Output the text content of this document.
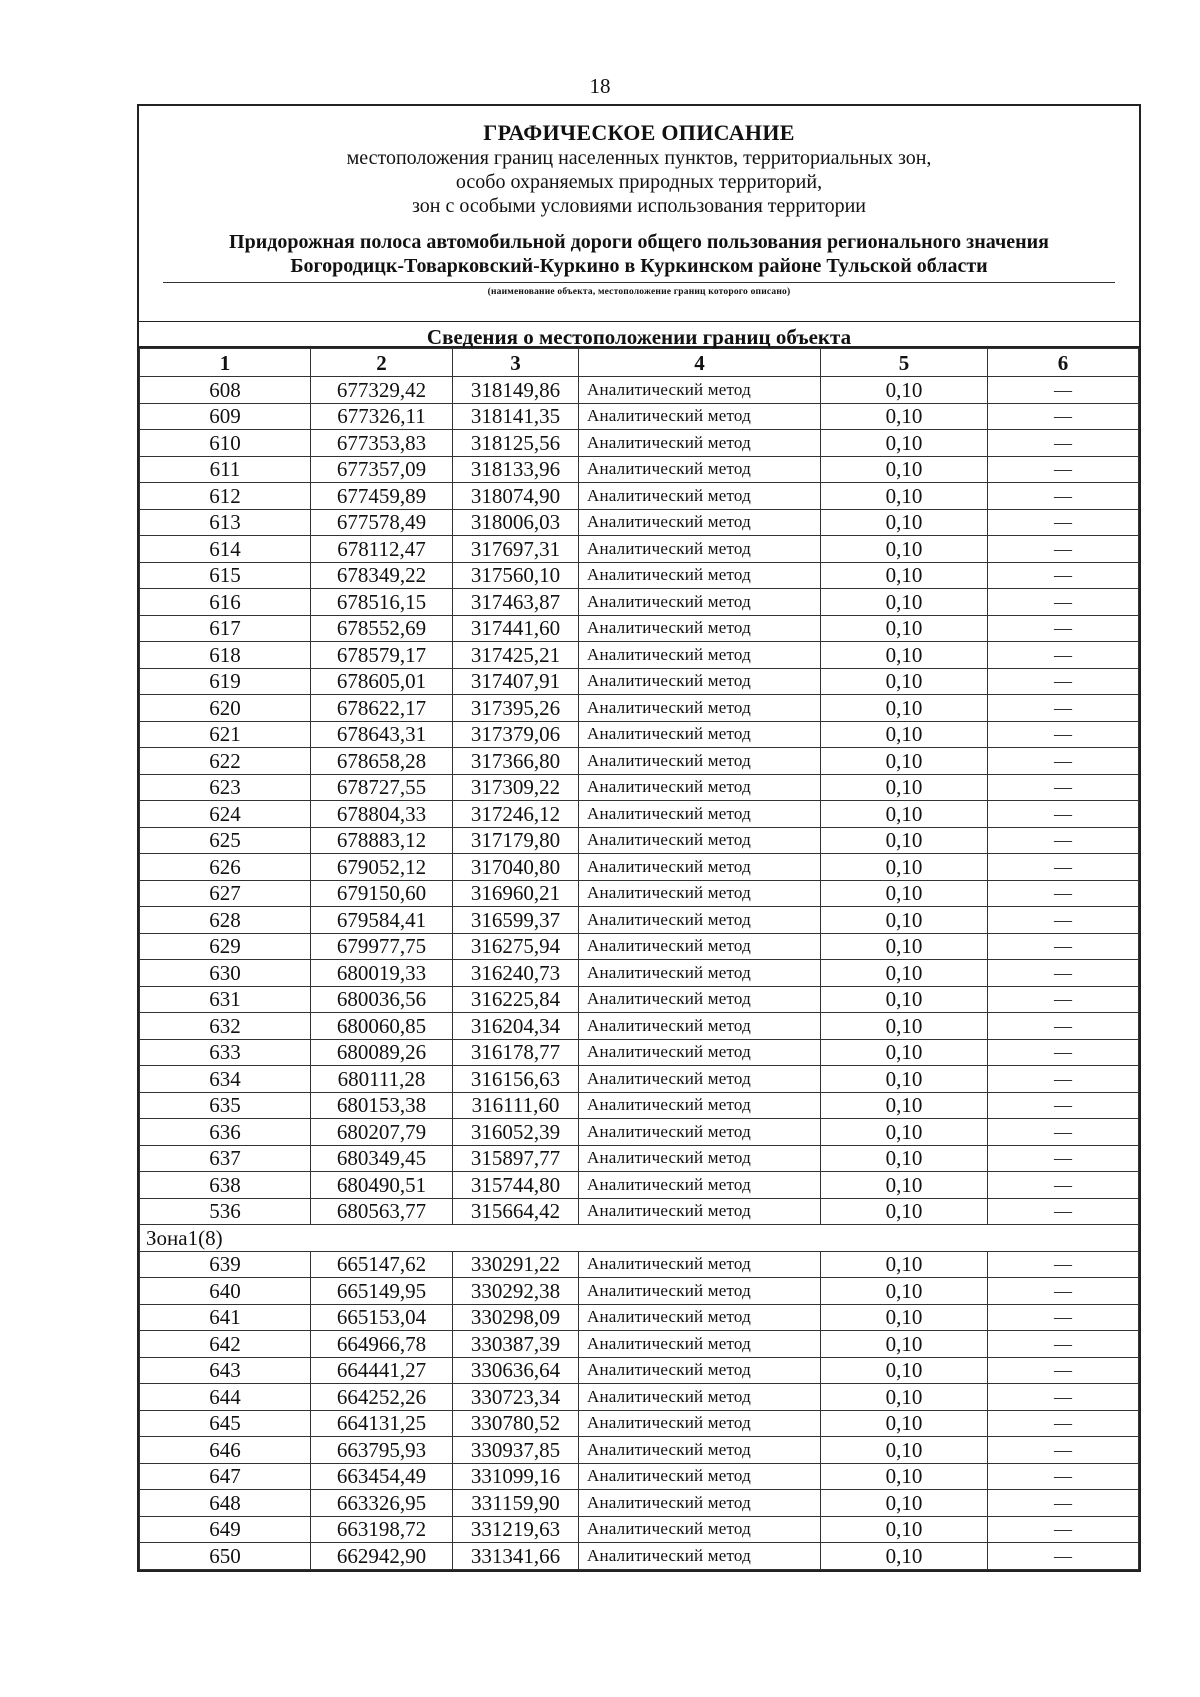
18
ГРАФИЧЕСКОЕ ОПИСАНИЕ
местоположения границ населенных пунктов, территориальных зон,
особо охраняемых природных территорий,
зон с особыми условиями использования территории
Придорожная полоса автомобильной дороги общего пользования регионального значения
Богородицк-Товарковский-Куркино в Куркинском районе Тульской области
(наименование объекта, местоположение границ которого описано)
Сведения о местоположении границ объекта
1	2	3	4	5	6
608	677329,42	318149,86	Аналитический метод	0,10	—
609	677326,11	318141,35	Аналитический метод	0,10	—
610	677353,83	318125,56	Аналитический метод	0,10	—
611	677357,09	318133,96	Аналитический метод	0,10	—
612	677459,89	318074,90	Аналитический метод	0,10	—
613	677578,49	318006,03	Аналитический метод	0,10	—
614	678112,47	317697,31	Аналитический метод	0,10	—
615	678349,22	317560,10	Аналитический метод	0,10	—
616	678516,15	317463,87	Аналитический метод	0,10	—
617	678552,69	317441,60	Аналитический метод	0,10	—
618	678579,17	317425,21	Аналитический метод	0,10	—
619	678605,01	317407,91	Аналитический метод	0,10	—
620	678622,17	317395,26	Аналитический метод	0,10	—
621	678643,31	317379,06	Аналитический метод	0,10	—
622	678658,28	317366,80	Аналитический метод	0,10	—
623	678727,55	317309,22	Аналитический метод	0,10	—
624	678804,33	317246,12	Аналитический метод	0,10	—
625	678883,12	317179,80	Аналитический метод	0,10	—
626	679052,12	317040,80	Аналитический метод	0,10	—
627	679150,60	316960,21	Аналитический метод	0,10	—
628	679584,41	316599,37	Аналитический метод	0,10	—
629	679977,75	316275,94	Аналитический метод	0,10	—
630	680019,33	316240,73	Аналитический метод	0,10	—
631	680036,56	316225,84	Аналитический метод	0,10	—
632	680060,85	316204,34	Аналитический метод	0,10	—
633	680089,26	316178,77	Аналитический метод	0,10	—
634	680111,28	316156,63	Аналитический метод	0,10	—
635	680153,38	316111,60	Аналитический метод	0,10	—
636	680207,79	316052,39	Аналитический метод	0,10	—
637	680349,45	315897,77	Аналитический метод	0,10	—
638	680490,51	315744,80	Аналитический метод	0,10	—
536	680563,77	315664,42	Аналитический метод	0,10	—
Зона1(8)					
639	665147,62	330291,22	Аналитический метод	0,10	—
640	665149,95	330292,38	Аналитический метод	0,10	—
641	665153,04	330298,09	Аналитический метод	0,10	—
642	664966,78	330387,39	Аналитический метод	0,10	—
643	664441,27	330636,64	Аналитический метод	0,10	—
644	664252,26	330723,34	Аналитический метод	0,10	—
645	664131,25	330780,52	Аналитический метод	0,10	—
646	663795,93	330937,85	Аналитический метод	0,10	—
647	663454,49	331099,16	Аналитический метод	0,10	—
648	663326,95	331159,90	Аналитический метод	0,10	—
649	663198,72	331219,63	Аналитический метод	0,10	—
650	662942,90	331341,66	Аналитический метод	0,10	—
